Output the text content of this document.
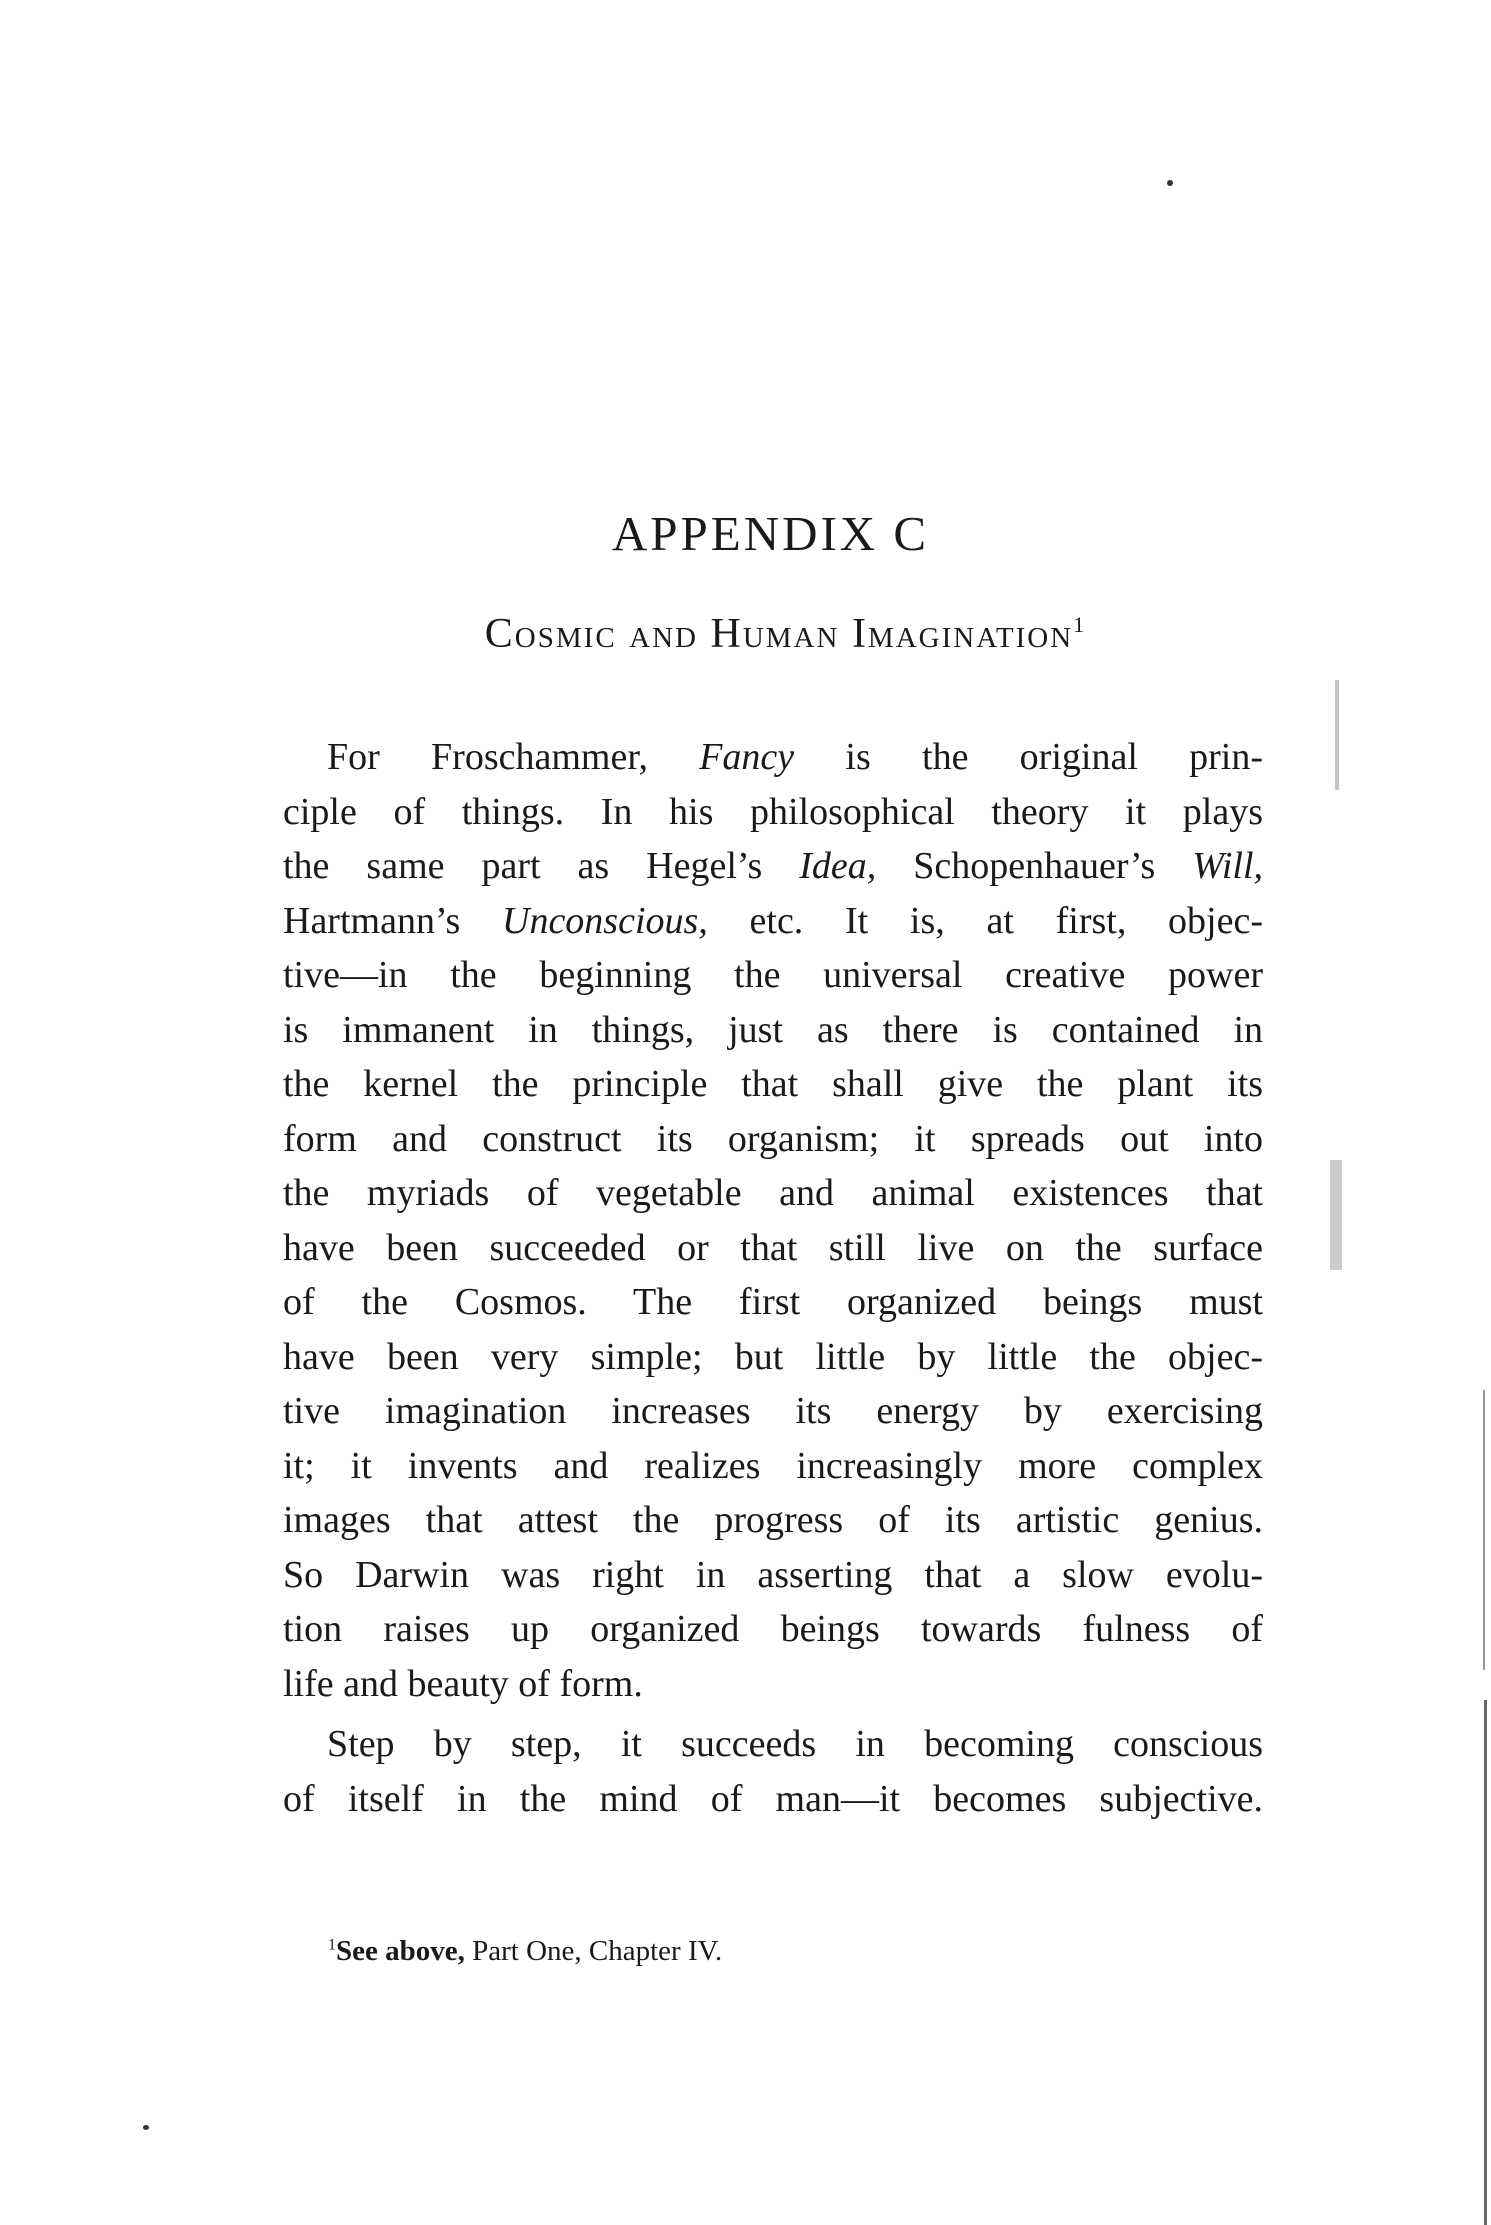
APPENDIX C
Cosmic and Human Imagination$^1$
For Froschammer, Fancy is the original prin-
ciple of things. In his philosophical theory it plays
the same part as Hegel’s Idea, Schopenhauer’s Will,
Hartmann’s Unconscious, etc. It is, at first, objec-
tive—in the beginning the universal creative power
is immanent in things, just as there is contained in
the kernel the principle that shall give the plant its
form and construct its organism; it spreads out into
the myriads of vegetable and animal existences that
have been succeeded or that still live on the surface
of the Cosmos. The first organized beings must
have been very simple; but little by little the objec-
tive imagination increases its energy by exercising
it; it invents and realizes increasingly more complex
images that attest the progress of its artistic genius.
So Darwin was right in asserting that a slow evolu-
tion raises up organized beings towards fulness of
life and beauty of form.
Step by step, it succeeds in becoming conscious
of itself in the mind of man—it becomes subjective.

$^1$See above, Part One, Chapter IV.
